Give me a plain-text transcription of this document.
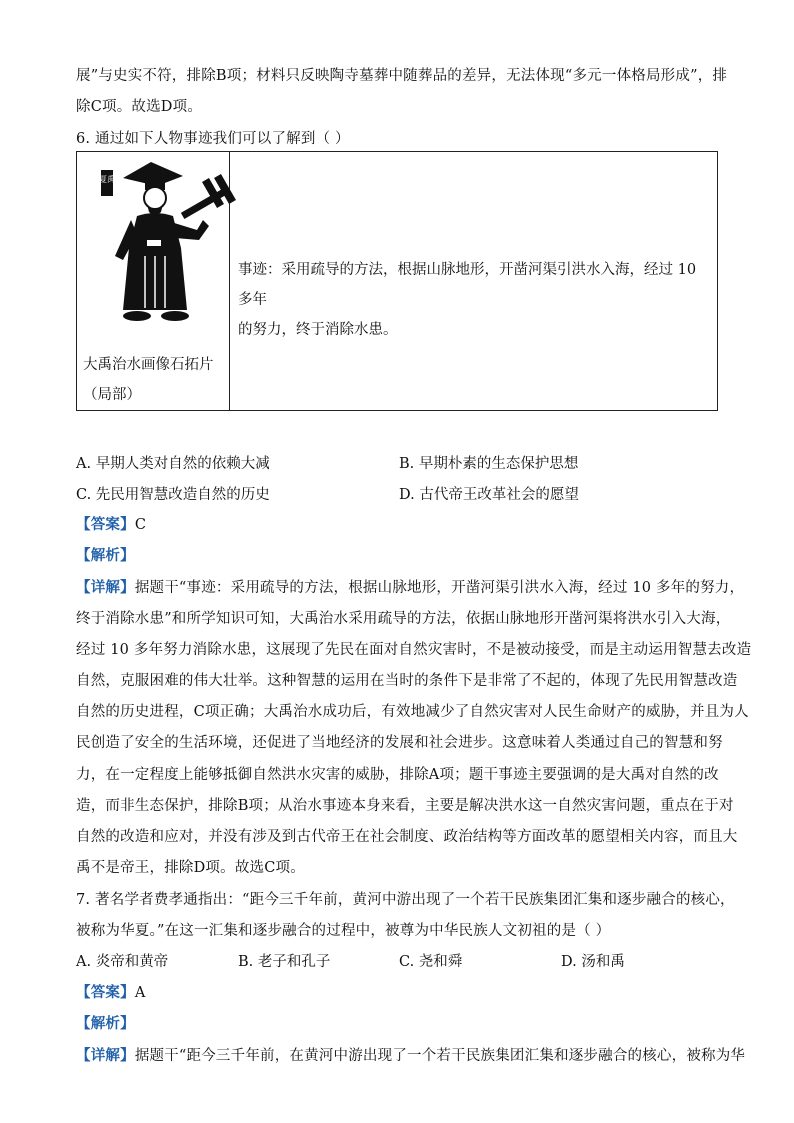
展”与史实不符，排除B项；材料只反映陶寺墓葬中随葬品的差异，无法体现“多元一体格局形成”，排
除C项。故选D项。
6. 通过如下人物事迹我们可以了解到（ ）
夏禹
大禹治水画像石拓片
（局部）

事迹：采用疏导的方法，根据山脉地形，开凿河渠引洪水入海，经过 10 多年
的努力，终于消除水患。
A. 早期人类对自然的依赖大减	B. 早期朴素的生态保护思想
C. 先民用智慧改造自然的历史	D. 古代帝王改革社会的愿望
【答案】C
【解析】
【详解】据题干“事迹：采用疏导的方法，根据山脉地形，开凿河渠引洪水入海，经过 10 多年的努力，
终于消除水患”和所学知识可知，大禹治水采用疏导的方法，依据山脉地形开凿河渠将洪水引入大海，
经过 10 多年努力消除水患，这展现了先民在面对自然灾害时，不是被动接受，而是主动运用智慧去改造
自然，克服困难的伟大壮举。这种智慧的运用在当时的条件下是非常了不起的，体现了先民用智慧改造
自然的历史进程，C项正确；大禹治水成功后，有效地减少了自然灾害对人民生命财产的威胁，并且为人
民创造了安全的生活环境，还促进了当地经济的发展和社会进步。这意味着人类通过自己的智慧和努
力，在一定程度上能够抵御自然洪水灾害的威胁，排除A项；题干事迹主要强调的是大禹对自然的改
造，而非生态保护，排除B项；从治水事迹本身来看，主要是解决洪水这一自然灾害问题，重点在于对
自然的改造和应对，并没有涉及到古代帝王在社会制度、政治结构等方面改革的愿望相关内容，而且大
禹不是帝王，排除D项。故选C项。
7. 著名学者费孝通指出：“距今三千年前，黄河中游出现了一个若干民族集团汇集和逐步融合的核心，
被称为华夏。”在这一汇集和逐步融合的过程中，被尊为中华民族人文初祖的是（ ）
A. 炎帝和黄帝	B. 老子和孔子	C. 尧和舜	D. 汤和禹
【答案】A
【解析】
【详解】据题干“距今三千年前，在黄河中游出现了一个若干民族集团汇集和逐步融合的核心，被称为华
